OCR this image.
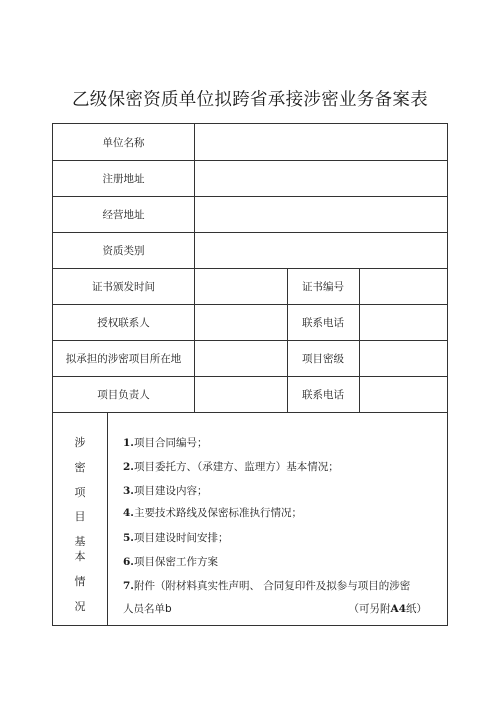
乙级保密资质单位拟跨省承接涉密业务备案表
单位名称
注册地址
经营地址
资质类别
证书颁发时间	证书编号
授权联系人	联系电话
拟承担的涉密项目所在地	项目密级
项目负责人	联系电话
涉
密
项
目
基
本
情
况
1.项目合同编号；
2.项目委托方、（承建方、监理方）基本情况；
3.项目建设内容；
4.主要技术路线及保密标准执行情况；
5.项目建设时间安排；
6.项目保密工作方案
7.附件（附材料真实性声明、 合同复印件及拟参与项目的涉密
人员名单b	（可另附A4纸）
